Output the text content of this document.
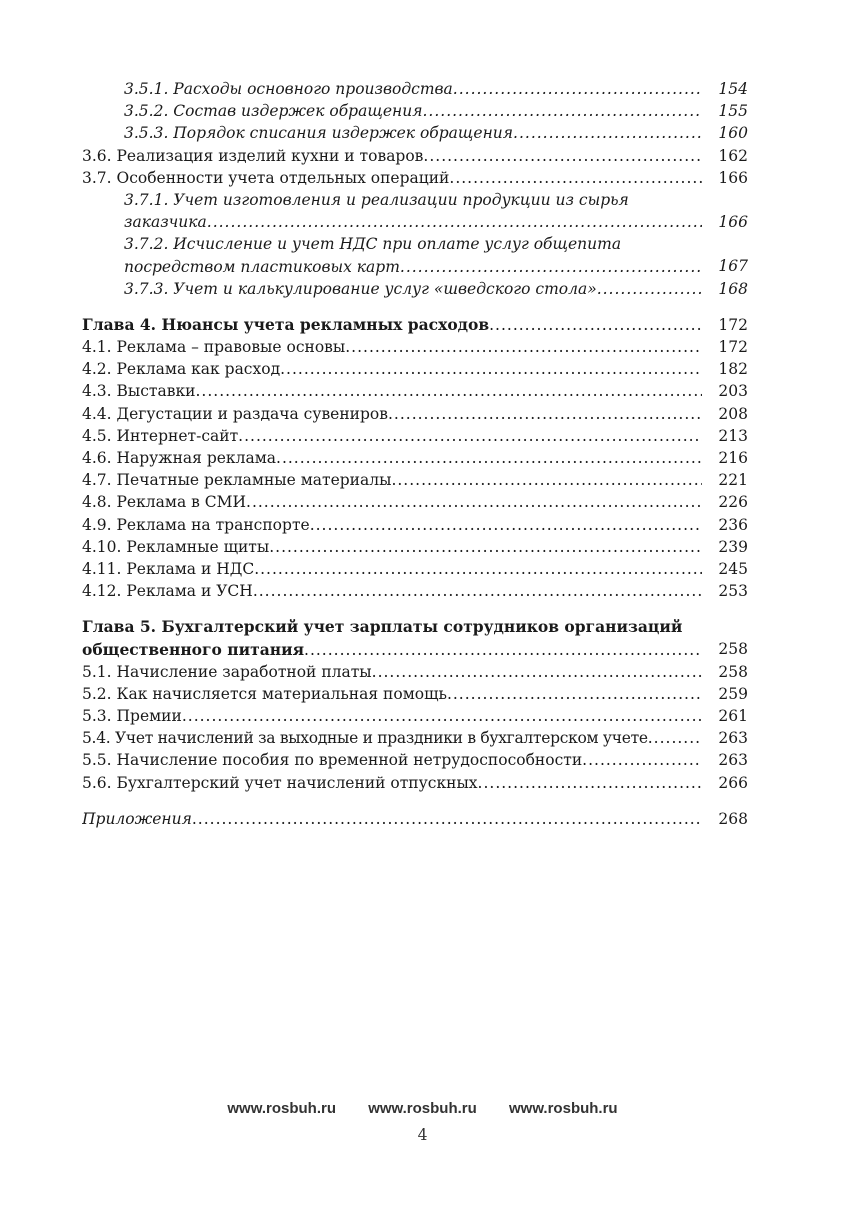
3.5.1. Расходы основного производства .....	154
3.5.2. Состав издержек обращения .....	155
3.5.3. Порядок списания издержек обращения .....	160
3.6. Реализация изделий кухни и товаров .....	162
3.7. Особенности учета отдельных операций .....	166
3.7.1. Учет изготовления и реализации продукции из сырья
заказчика .....	166
3.7.2. Исчисление и учет НДС при оплате услуг общепита
посредством пластиковых карт .....	167
3.7.3. Учет и калькулирование услуг «шведского стола» .....	168
Глава 4. Нюансы учета рекламных расходов .....	172
4.1. Реклама – правовые основы .....	172
4.2. Реклама как расход .....	182
4.3. Выставки .....	203
4.4. Дегустации и раздача сувениров .....	208
4.5. Интернет-сайт .....	213
4.6. Наружная реклама .....	216
4.7. Печатные рекламные материалы .....	221
4.8. Реклама в СМИ .....	226
4.9. Реклама на транспорте .....	236
4.10. Рекламные щиты .....	239
4.11. Реклама и НДС .....	245
4.12. Реклама и УСН .....	253
Глава 5. Бухгалтерский учет зарплаты сотрудников организаций
общественного питания .....	258
5.1. Начисление заработной платы .....	258
5.2. Как начисляется материальная помощь .....	259
5.3. Премии .....	261
5.4. Учет начислений за выходные и праздники в бухгалтерском учете .....	263
5.5. Начисление пособия по временной нетрудоспособности .....	263
5.6. Бухгалтерский учет начислений отпускных .....	266
Приложения .....	268
www.rosbuh.ru www.rosbuh.ru www.rosbuh.ru
4
